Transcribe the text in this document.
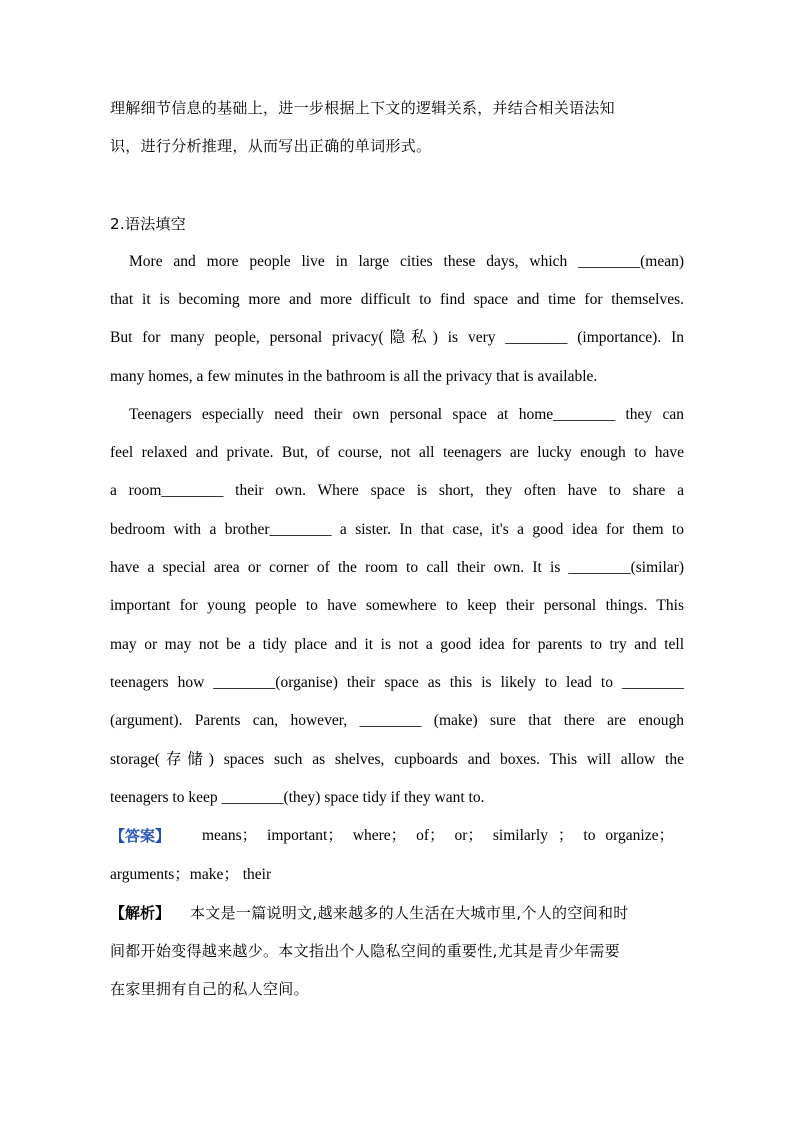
理解细节信息的基础上，进一步根据上下文的逻辑关系，并结合相关语法知
识，进行分析推理，从而写出正确的单词形式。
2.语法填空
More and more people live in large cities these days, which ________(mean)
that it is becoming more and more difficult to find space and time for themselves.
But for many people, personal privacy(隐私) is very ________ (importance). In
many homes, a few minutes in the bathroom is all the privacy that is available.
Teenagers especially need their own personal space at home________ they can
feel relaxed and private. But, of course, not all teenagers are lucky enough to have
a room________ their own. Where space is short, they often have to share a
bedroom with a brother________ a sister. In that case, it's a good idea for them to
have a special area or corner of the room to call their own. It is ________(similar)
important for young people to have somewhere to keep their personal things. This
may or may not be a tidy place and it is not a good idea for parents to try and tell
teenagers how ________(organise) their space as this is likely to lead to ________
(argument). Parents can, however, ________ (make) sure that there are enough
storage(存储) spaces such as shelves, cupboards and boxes. This will allow the
teenagers to keep ________(they) space tidy if they want to.
【答案】	means； important； where； of； or； similarly ； to organize；
arguments；make； their
【解析】	本文是一篇说明文,越来越多的人生活在大城市里,个人的空间和时
间都开始变得越来越少。本文指出个人隐私空间的重要性,尤其是青少年需要
在家里拥有自己的私人空间。
